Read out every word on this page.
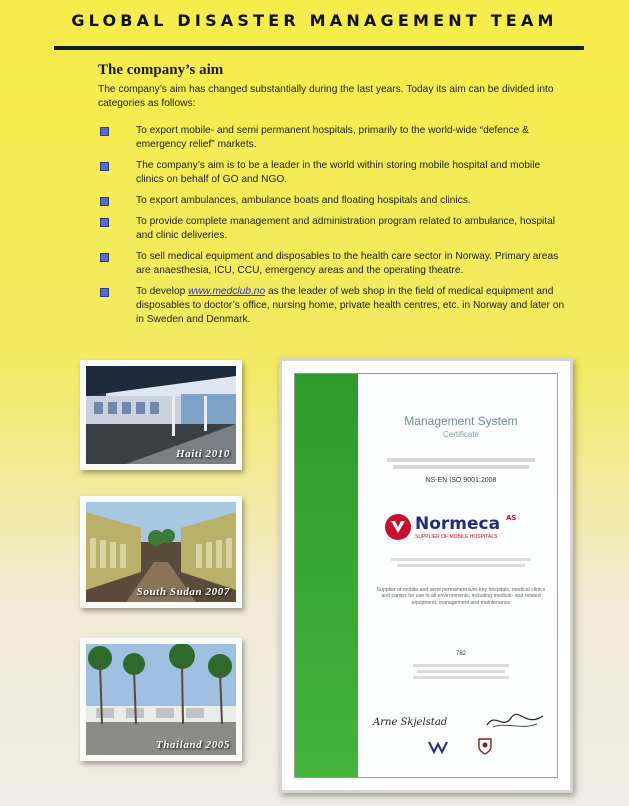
GLOBAL DISASTER MANAGEMENT TEAM
The company’s aim
The company’s aim has changed substantially during the last years. Today its aim can be divided into categories as follows:
To export mobile- and semi permanent hospitals, primarily to the world-wide “defence & emergency relief” markets.
The company’s aim is to be a leader in the world within storing mobile hospital and mobile clinics on behalf of GO and NGO.
To export ambulances, ambulance boats and floating hospitals and clinics.
To provide complete management and administration program related to ambulance, hospital and clinic deliveries.
To sell medical equipment and disposables to the health care sector in Norway. Primary areas are anaesthesia, ICU, CCU, emergency areas and the operating theatre.
To develop www.medclub.no as the leader of web shop in the field of medical equipment and disposables to doctor’s office, nursing home, private health centres, etc. in Norway and later on in Sweden and Denmark.
Haiti 2010
South Sudan 2007
Thailand 2005
Management System
Certificate
NS-EN ISO 9001:2008
Normeca $^{AS}$
SUPPLIER OF MOBILE HOSPITALS
Supplier of mobile and semi permanent turn-key hospitals, medical clinics and camps for use in all environments, including medical- and related equipment, management and maintenance
782
Arne Skjelstad
